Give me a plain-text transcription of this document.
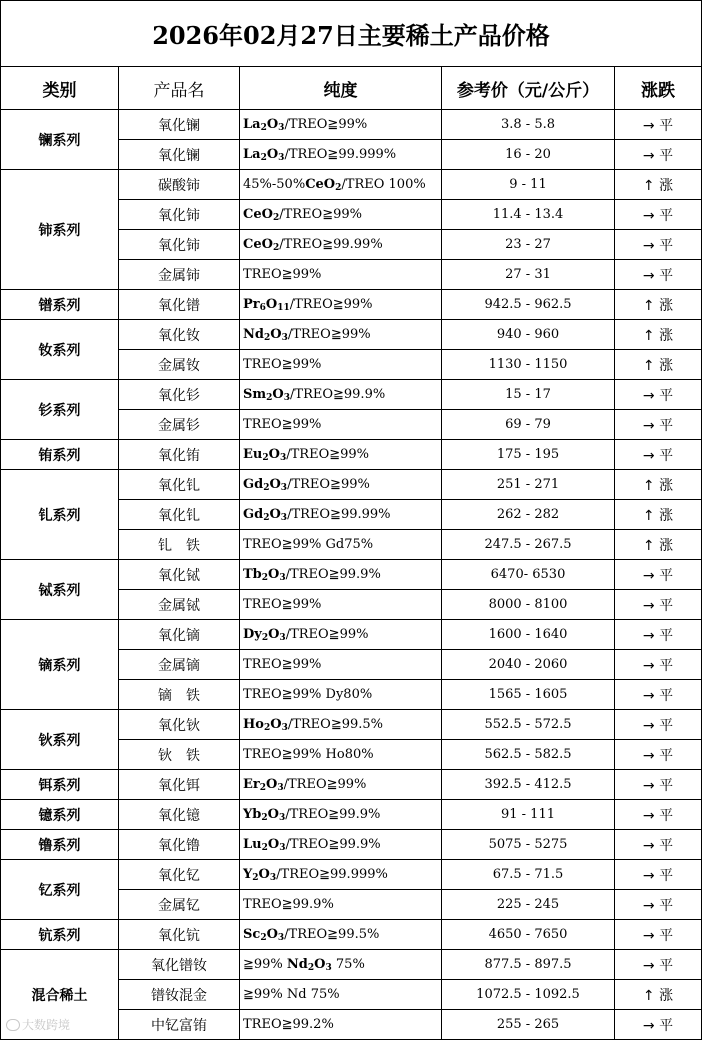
2026年02月27日主要稀土产品价格				
类别	产品名	纯度	参考价（元/公斤）	涨跌
镧系列	氧化镧	$La_2O_3/TREO≧99\%$	3.8 - 5.8	→ 平
	氧化镧	$La_2O_3/TREO≧99.999\%$	16 - 20	→ 平
铈系列	碳酸铈	45%-50%CeO$_2$/TREO 100%	9 - 11	↑ 涨
	氧化铈	CeO$_2$/TREO≧99%	11.4 - 13.4	→ 平
	氧化铈	CeO$_2$/TREO≧99.99%	23 - 27	→ 平
	金属铈	TREO≧99%	27 - 31	→ 平
镨系列	氧化镨	$Pr_6O_{11}/TREO≧99\%$	942.5 - 962.5	↑ 涨
钕系列	氧化钕	$Nd_2O_3/TREO≧99\%$	940 - 960	↑ 涨
	金属钕	TREO≧99%	1130 - 1150	↑ 涨
钐系列	氧化钐	$Sm_2O_3/TREO≧99.9\%$	15 - 17	→ 平
	金属钐	TREO≧99%	69 - 79	→ 平
铕系列	氧化铕	$Eu_2O_3/TREO≧99\%$	175 - 195	→ 平
钆系列	氧化钆	$Gd_2O_3/TREO≧99\%$	251 - 271	↑ 涨
	氧化钆	$Gd_2O_3/TREO≧99.99\%$	262 - 282	↑ 涨
	钆　铁	TREO≧99% Gd75%	247.5 - 267.5	↑ 涨
铽系列	氧化铽	$Tb_2O_3/TREO≧99.9\%$	6470- 6530	→ 平
	金属铽	TREO≧99%	8000 - 8100	→ 平
镝系列	氧化镝	$Dy_2O_3/TREO≧99\%$	1600 - 1640	→ 平
	金属镝	TREO≧99%	2040 - 2060	→ 平
	镝　铁	TREO≧99% Dy80%	1565 - 1605	→ 平
钬系列	氧化钬	$Ho_2O_3/TREO≧99.5\%$	552.5 - 572.5	→ 平
	钬　铁	TREO≧99% Ho80%	562.5 - 582.5	→ 平
铒系列	氧化铒	$Er_2O_3/TREO≧99\%$	392.5 - 412.5	→ 平
镱系列	氧化镱	$Yb_2O_3/TREO≧99.9\%$	91 - 111	→ 平
镥系列	氧化镥	$Lu_2O_3/TREO≧99.9\%$	5075 - 5275	→ 平
钇系列	氧化钇	$Y_2O_3/TREO≧99.999\%$	67.5 - 71.5	→ 平
	金属钇	TREO≧99.9%	225 - 245	→ 平
钪系列	氧化钪	$Sc_2O_3/TREO≧99.5\%$	4650 - 7650	→ 平
混合稀土	氧化镨钕	≧99% $Nd_2O_3$ 75%	877.5 - 897.5	→ 平
	镨钕混金	≧99% Nd 75%	1072.5 - 1092.5	↑ 涨
	中钇富铕	TREO≧99.2%	255 - 265	→ 平
大数跨境
